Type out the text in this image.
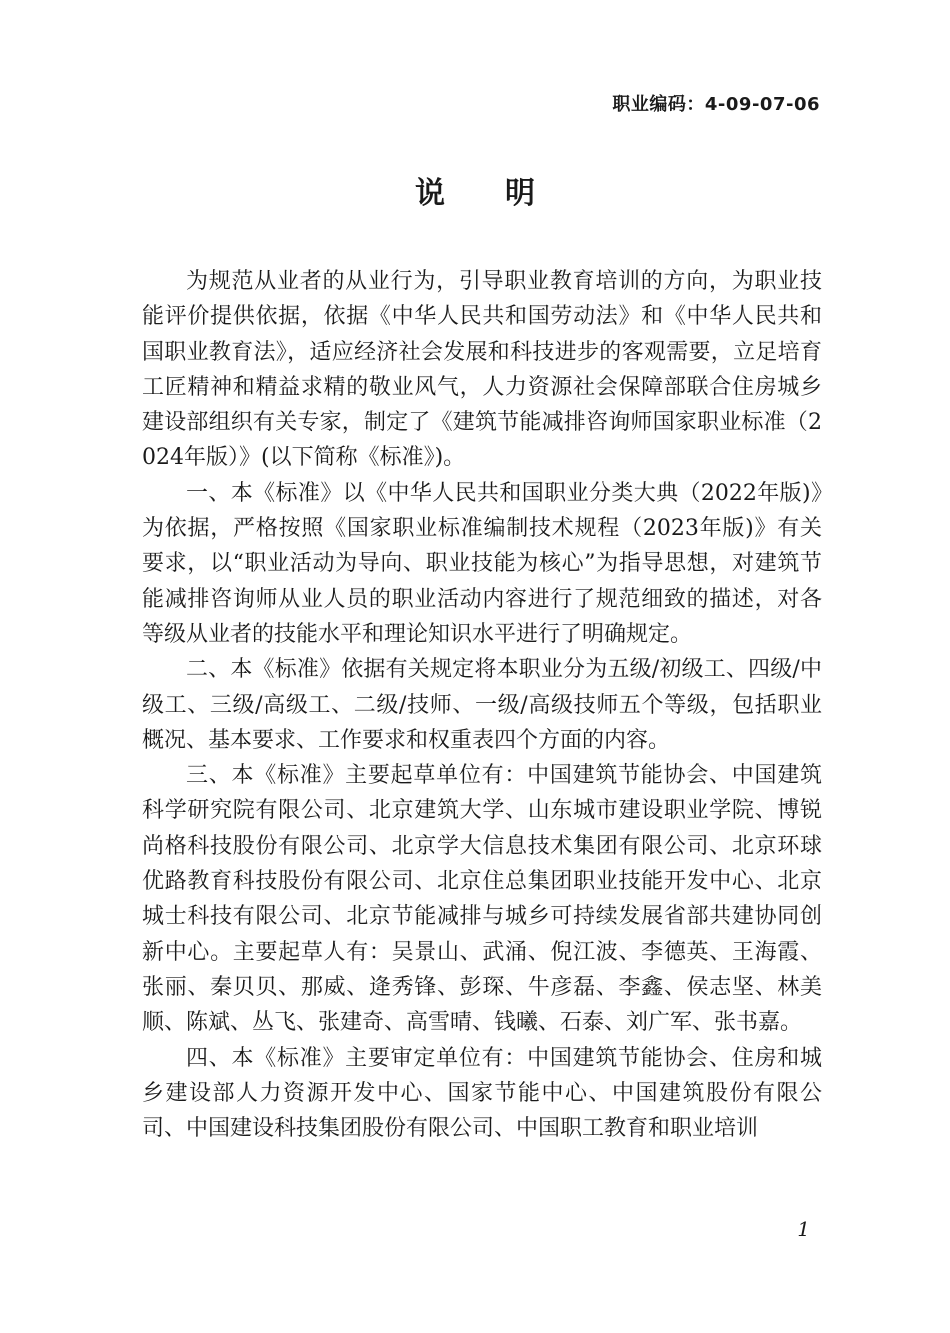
职业编码：4-09-07-06
说明

为规范从业者的从业行为，引导职业教育培训的方向，为职业技能评价提供依据，依据《中华人民共和国劳动法》和《中华人民共和国职业教育法》，适应经济社会发展和科技进步的客观需要，立足培育工匠精神和精益求精的敬业风气，人力资源社会保障部联合住房城乡建设部组织有关专家，制定了《建筑节能减排咨询师国家职业标准（2024年版）》(以下简称《标准》)。

一、本《标准》以《中华人民共和国职业分类大典（2022年版)》为依据，严格按照《国家职业标准编制技术规程（2023年版)》有关要求，以“职业活动为导向、职业技能为核心”为指导思想，对建筑节能减排咨询师从业人员的职业活动内容进行了规范细致的描述，对各等级从业者的技能水平和理论知识水平进行了明确规定。

二、本《标准》依据有关规定将本职业分为五级/初级工、四级/中级工、三级/高级工、二级/技师、一级/高级技师五个等级，包括职业概况、基本要求、工作要求和权重表四个方面的内容。

三、本《标准》主要起草单位有：中国建筑节能协会、中国建筑科学研究院有限公司、北京建筑大学、山东城市建设职业学院、博锐尚格科技股份有限公司、北京学大信息技术集团有限公司、北京环球优路教育科技股份有限公司、北京住总集团职业技能开发中心、北京城士科技有限公司、北京节能减排与城乡可持续发展省部共建协同创新中心。主要起草人有：吴景山、武涌、倪江波、李德英、王海霞、张丽、秦贝贝、那威、逄秀锋、彭琛、牛彦磊、李鑫、侯志坚、林美顺、陈斌、丛飞、张建奇、高雪晴、钱曦、石泰、刘广军、张书嘉。

四、本《标准》主要审定单位有：中国建筑节能协会、住房和城乡建设部人力资源开发中心、国家节能中心、中国建筑股份有限公司、中国建设科技集团股份有限公司、中国职工教育和职业培训

1
